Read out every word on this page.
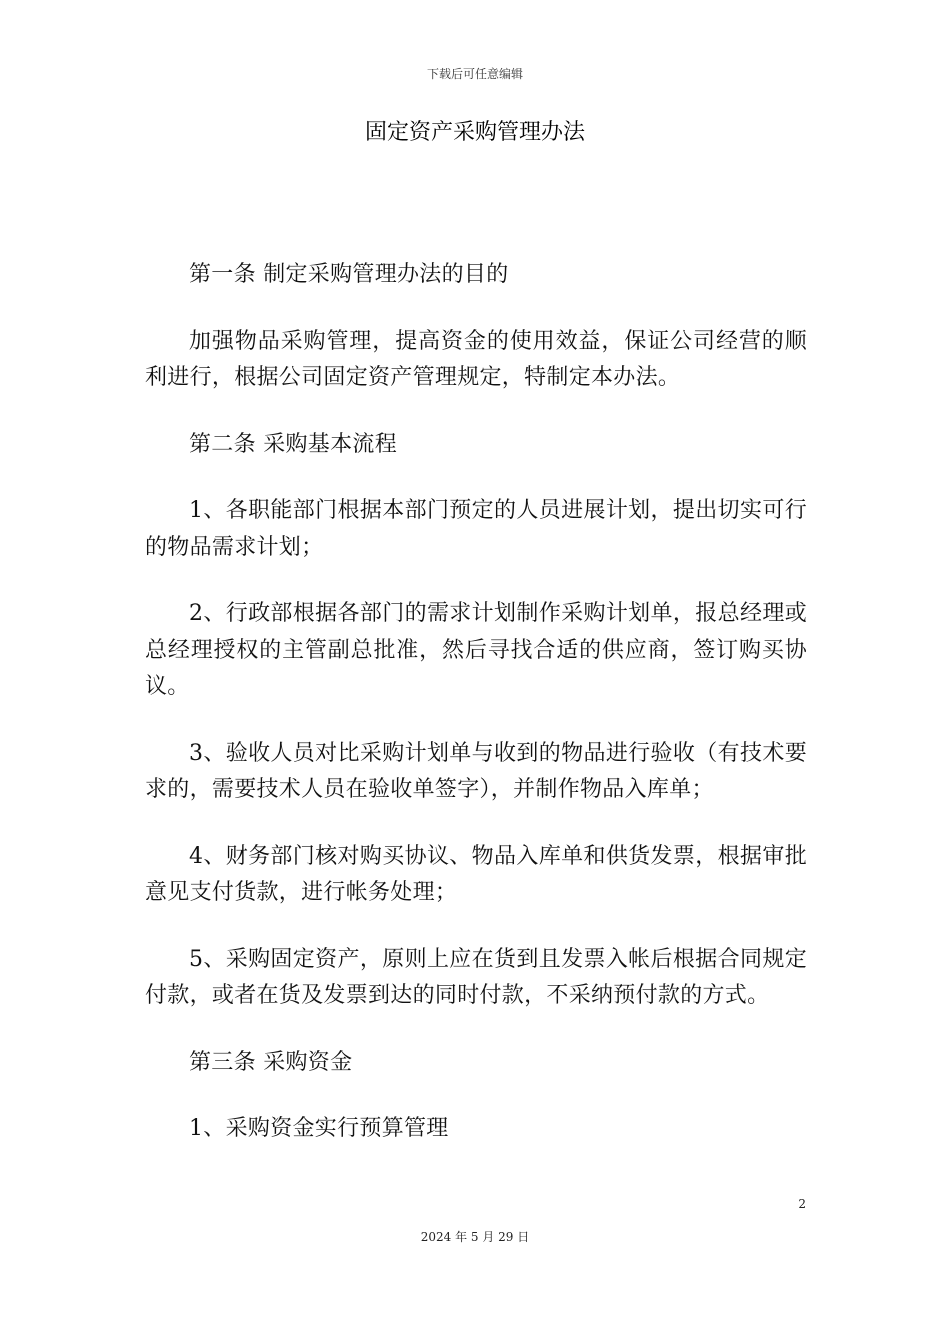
下载后可任意编辑
固定资产采购管理办法

第一条 制定采购管理办法的目的

加强物品采购管理，提高资金的使用效益，保证公司经营的顺利进行，根据公司固定资产管理规定，特制定本办法。

第二条 采购基本流程

1、各职能部门根据本部门预定的人员进展计划，提出切实可行的物品需求计划；

2、行政部根据各部门的需求计划制作采购计划单，报总经理或总经理授权的主管副总批准，然后寻找合适的供应商，签订购买协议。

3、验收人员对比采购计划单与收到的物品进行验收（有技术要求的，需要技术人员在验收单签字），并制作物品入库单；

4、财务部门核对购买协议、物品入库单和供货发票，根据审批意见支付货款，进行帐务处理；

5、采购固定资产，原则上应在货到且发票入帐后根据合同规定付款，或者在货及发票到达的同时付款，不采纳预付款的方式。

第三条 采购资金

1、采购资金实行预算管理

2
2024 年 5 月 29 日
